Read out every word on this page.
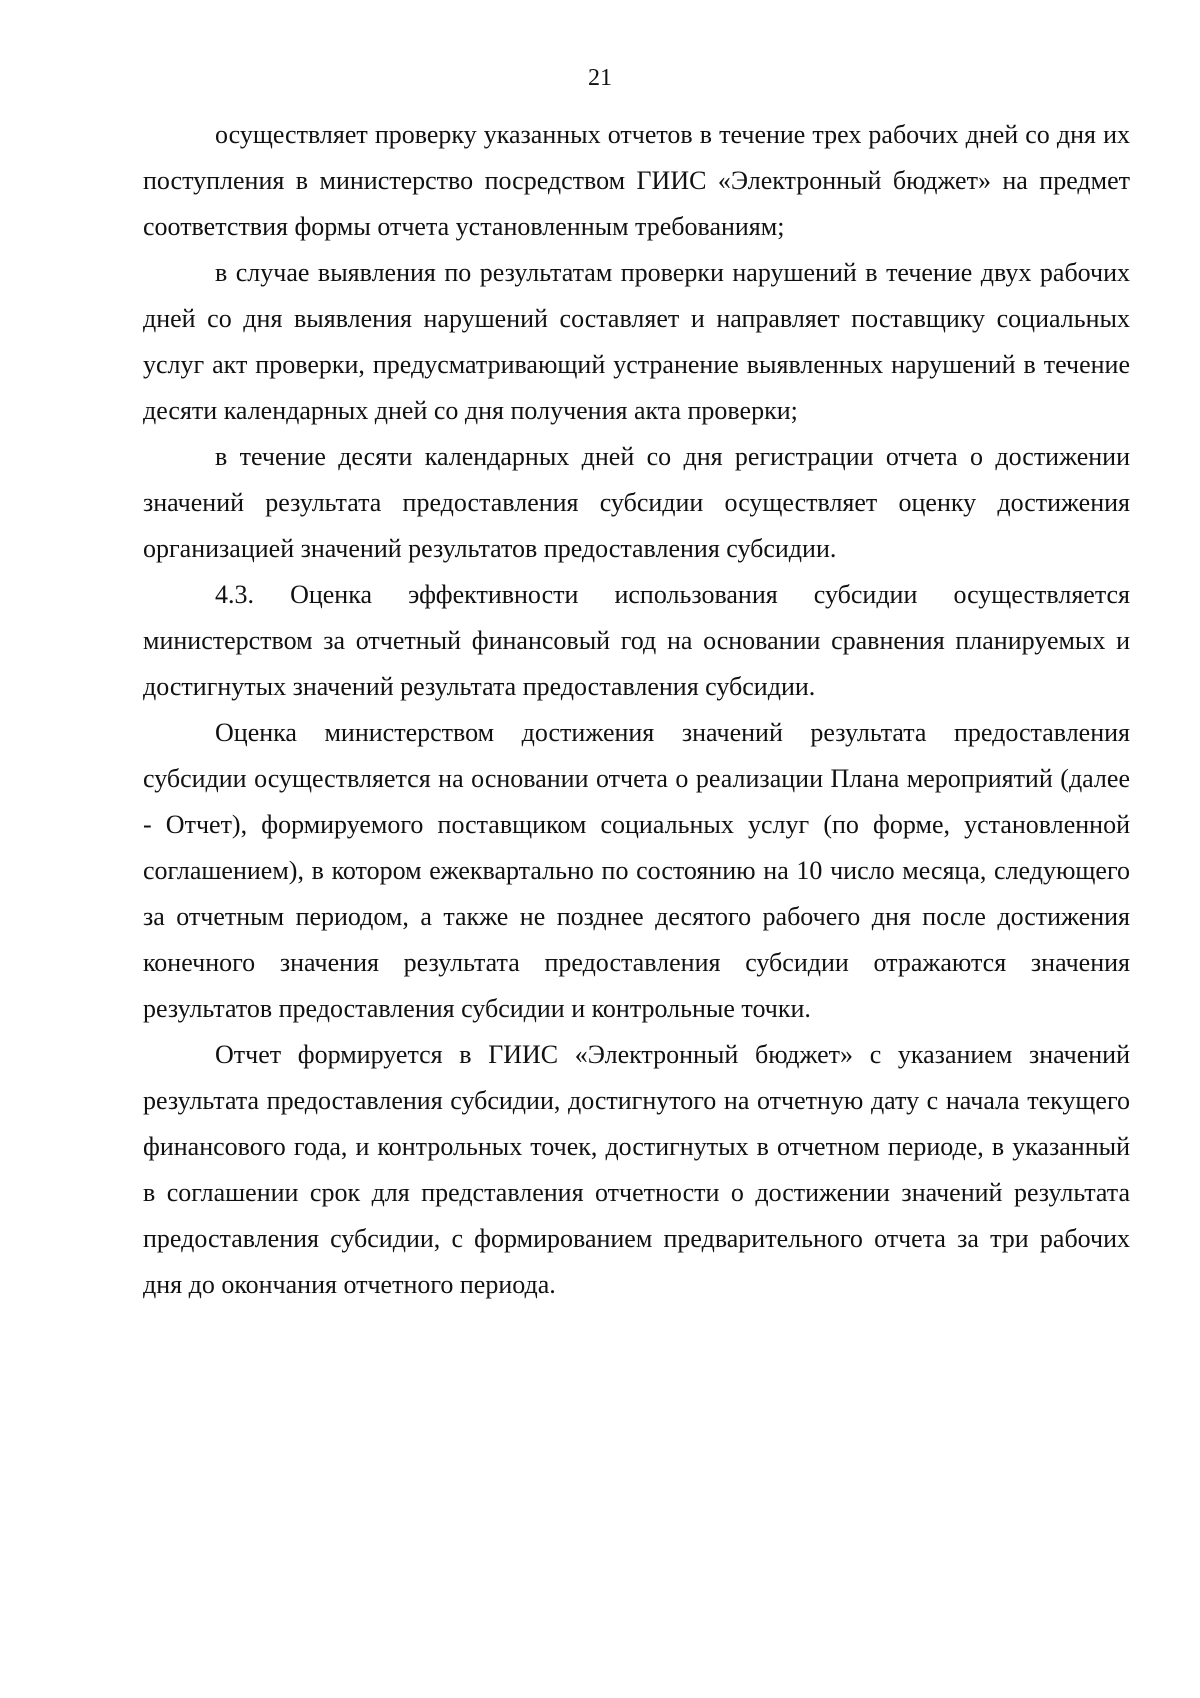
21

осуществляет проверку указанных отчетов в течение трех рабочих дней со дня их поступления в министерство посредством ГИИС «Электронный бюджет» на предмет соответствия формы отчета установленным требованиям;

в случае выявления по результатам проверки нарушений в течение двух рабочих дней со дня выявления нарушений составляет и направляет поставщику социальных услуг акт проверки, предусматривающий устранение выявленных нарушений в течение десяти календарных дней со дня получения акта проверки;

в течение десяти календарных дней со дня регистрации отчета о достижении значений результата предоставления субсидии осуществляет оценку достижения организацией значений результатов предоставления субсидии.

4.3. Оценка эффективности использования субсидии осуществляется министерством за отчетный финансовый год на основании сравнения планируемых и достигнутых значений результата предоставления субсидии.

Оценка министерством достижения значений результата предоставления субсидии осуществляется на основании отчета о реализации Плана мероприятий (далее - Отчет), формируемого поставщиком социальных услуг (по форме, установленной соглашением), в котором ежеквартально по состоянию на 10 число месяца, следующего за отчетным периодом, а также не позднее десятого рабочего дня после достижения конечного значения результата предоставления субсидии отражаются значения результатов предоставления субсидии и контрольные точки.

Отчет формируется в ГИИС «Электронный бюджет» с указанием значений результата предоставления субсидии, достигнутого на отчетную дату с начала текущего финансового года, и контрольных точек, достигнутых в отчетном периоде, в указанный в соглашении срок для представления отчетности о достижении значений результата предоставления субсидии, с формированием предварительного отчета за три рабочих дня до окончания отчетного периода.
